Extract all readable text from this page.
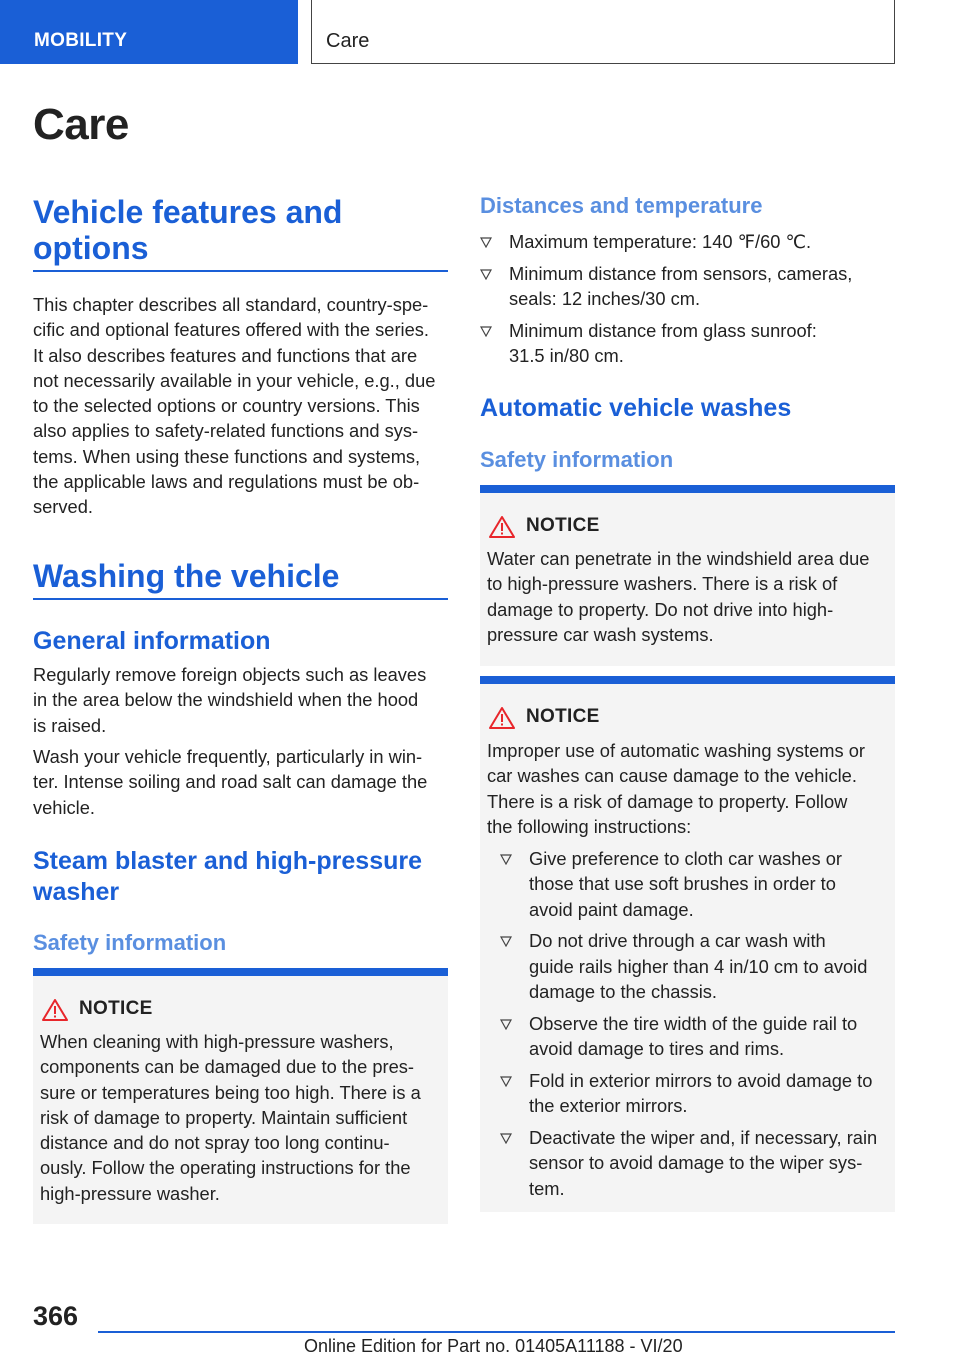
MOBILITY	Care
Care
Vehicle features and options

This chapter describes all standard, country-spe-
cific and optional features offered with the series.
It also describes features and functions that are
not necessarily available in your vehicle, e.g., due
to the selected options or country versions. This
also applies to safety-related functions and sys-
tems. When using these functions and systems,
the applicable laws and regulations must be ob-
served.

Washing the vehicle
General information

Regularly remove foreign objects such as leaves
in the area below the windshield when the hood
is raised.

Wash your vehicle frequently, particularly in win-
ter. Intense soiling and road salt can damage the
vehicle.

Steam blaster and high-pressure washer
Safety information
NOTICE

When cleaning with high-pressure washers,
components can be damaged due to the pres-
sure or temperatures being too high. There is a
risk of damage to property. Maintain sufficient
distance and do not spray too long continu-
ously. Follow the operating instructions for the
high-pressure washer.

Distances and temperature
Maximum temperature: 140 ℉/60 ℃.
Minimum distance from sensors, cameras,
seals: 12 inches/30 cm.
Minimum distance from glass sunroof:
31.5 in/80 cm.
Automatic vehicle washes
Safety information
NOTICE

Water can penetrate in the windshield area due
to high-pressure washers. There is a risk of
damage to property. Do not drive into high-
pressure car wash systems.

NOTICE

Improper use of automatic washing systems or
car washes can cause damage to the vehicle.
There is a risk of damage to property. Follow
the following instructions:

Give preference to cloth car washes or
those that use soft brushes in order to
avoid paint damage.
Do not drive through a car wash with
guide rails higher than 4 in/10 cm to avoid
damage to the chassis.
Observe the tire width of the guide rail to
avoid damage to tires and rims.
Fold in exterior mirrors to avoid damage to
the exterior mirrors.
Deactivate the wiper and, if necessary, rain
sensor to avoid damage to the wiper sys-
tem.
366
Online Edition for Part no. 01405A11188 - VI/20
